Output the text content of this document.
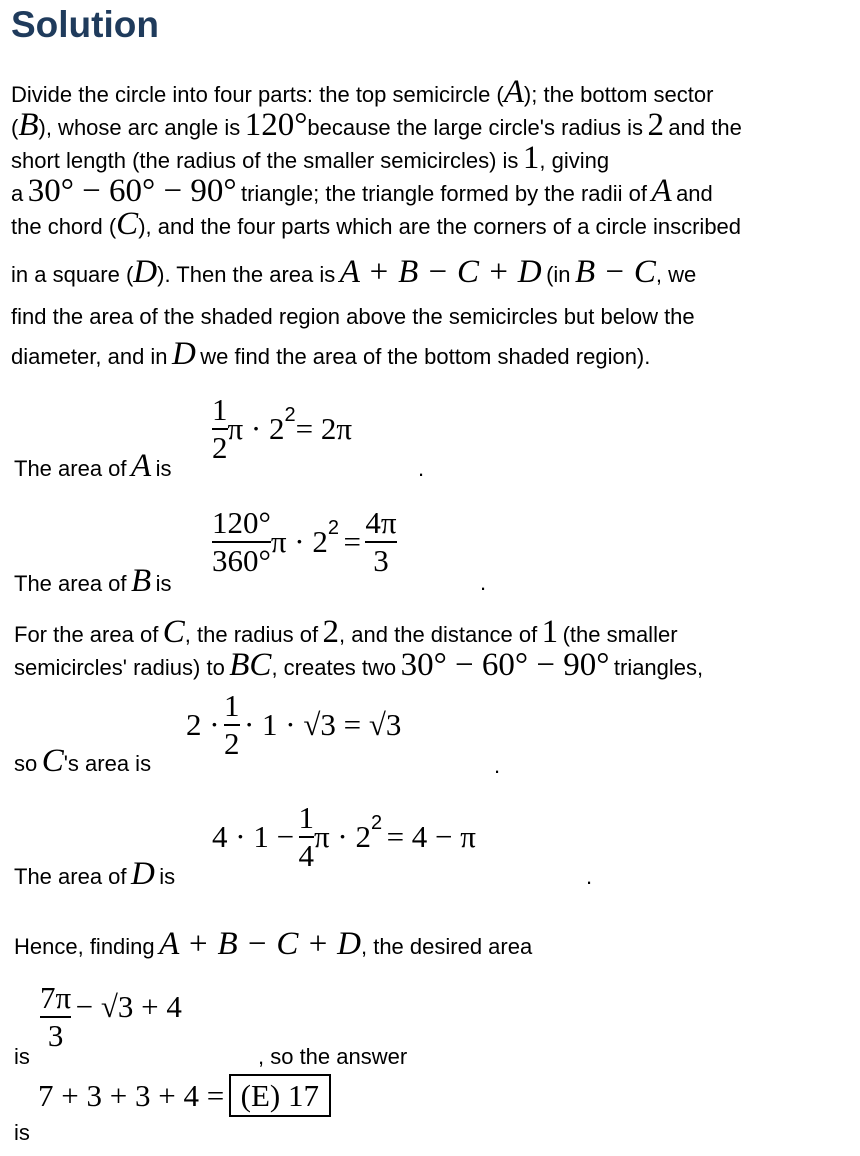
Solution
Divide the circle into four parts: the top semicircle (A); the bottom sector
(B), whose arc angle is 120°because the large circle's radius is 2 and the
short length (the radius of the smaller semicircles) is 1, giving
a 30° − 60° − 90° triangle; the triangle formed by the radii of A and
the chord (C), and the four parts which are the corners of a circle inscribed
in a square (D). Then the area is A + B − C + D (in B − C, we
find the area of the shaded region above the semicircles but below the
diameter, and in D we find the area of the bottom shaded region).
The area of A is
$\frac{1}{2}$ π · 22= 2π
.
The area of B is
$\frac{120^\circ}{360^\circ}$ $\pi \cdot 22 = \frac{4\pi}{3}$
.
For the area of C, the radius of 2, and the distance of 1 (the smaller
semicircles' radius) to BC, creates two 30° − 60° − 90° triangles,
so C's area is
$2 \cdot \frac{1}{2} \cdot 1 \cdot √3 = √3$
.
The area of D is
$4 \cdot 1 - \frac{1}{4}$ π · 22 = 4 − π
.
Hence, finding A + B − C + D, the desired area
is
$\frac{7\pi}{3} - √3 + 4$
, so the answer
is
7 + 3 + 3 + 4 = (E) 17
